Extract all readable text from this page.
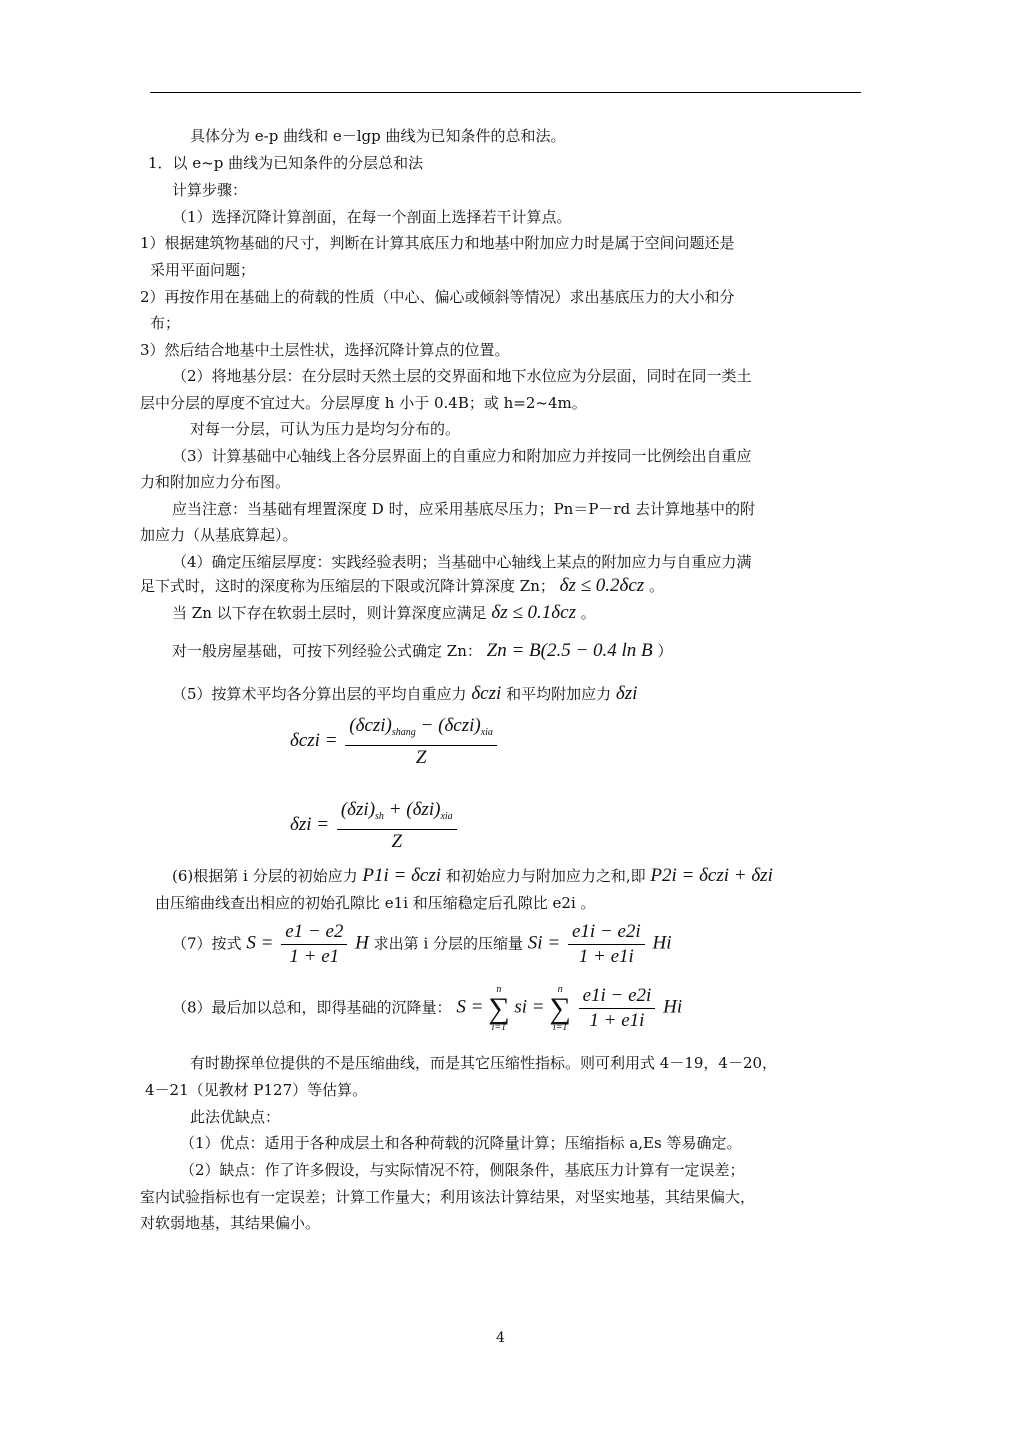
具体分为 e-p 曲线和 e－lgp 曲线为已知条件的总和法。
1．以 e~p 曲线为已知条件的分层总和法
计算步骤：
（1）选择沉降计算剖面，在每一个剖面上选择若干计算点。
1）根据建筑物基础的尺寸，判断在计算其底压力和地基中附加应力时是属于空间问题还是
采用平面问题；
2）再按作用在基础上的荷载的性质（中心、偏心或倾斜等情况）求出基底压力的大小和分
布；
3）然后结合地基中土层性状，选择沉降计算点的位置。
（2）将地基分层：在分层时天然土层的交界面和地下水位应为分层面，同时在同一类土
层中分层的厚度不宜过大。分层厚度 h 小于 0.4B；或 h=2~4m。
对每一分层，可认为压力是均匀分布的。
（3）计算基础中心轴线上各分层界面上的自重应力和附加应力并按同一比例绘出自重应
力和附加应力分布图。
应当注意：当基础有埋置深度 D 时，应采用基底尽压力；Pn＝P－rd 去计算地基中的附
加应力（从基底算起）。
（4）确定压缩层厚度：实践经验表明；当基础中心轴线上某点的附加应力与自重应力满
足下式时，这时的深度称为压缩层的下限或沉降计算深度 Zn； δz ≤ 0.2δcz 。
当 Zn 以下存在软弱土层时，则计算深度应满足 δz ≤ 0.1δcz 。
对一般房屋基础，可按下列经验公式确定 Zn： Zn = B(2.5 − 0.4 ln B ）
（5）按算术平均各分算出层的平均自重应力 δczi 和平均附加应力 δzi
$\delta czi = \frac{(\delta czi)_{shang} - (\delta czi)_{xia}}{Z}$
$\delta zi = \frac{(\delta zi)_{sh} + (\delta zi)_{xia}}{Z}$
(6)根据第 i 分层的初始应力 P1i = δczi 和初始应力与附加应力之和,即 P2i = δczi + δzi
由压缩曲线查出相应的初始孔隙比 e1i 和压缩稳定后孔隙比 e2i 。
（7）按式 $S = \frac{e1 - e2}{1 + e1}$ H 求出第 i 分层的压缩量 $Si = \frac{e1i - e2i}{1 + e1i}$ Hi
（8）最后加以总和，即得基础的沉降量： S =
n
∑
i=1
si =
n
∑
i=1
$\frac{e1i - e2i}{1 + e1i}$ Hi
有时勘探单位提供的不是压缩曲线，而是其它压缩性指标。则可利用式 4－19，4－20，
4－21（见教材 P127）等估算。
此法优缺点：
（1）优点：适用于各种成层土和各种荷载的沉降量计算；压缩指标 a,Es 等易确定。
（2）缺点：作了许多假设，与实际情况不符，侧限条件，基底压力计算有一定误差；
室内试验指标也有一定误差；计算工作量大；利用该法计算结果，对坚实地基，其结果偏大，
对软弱地基，其结果偏小。
4
